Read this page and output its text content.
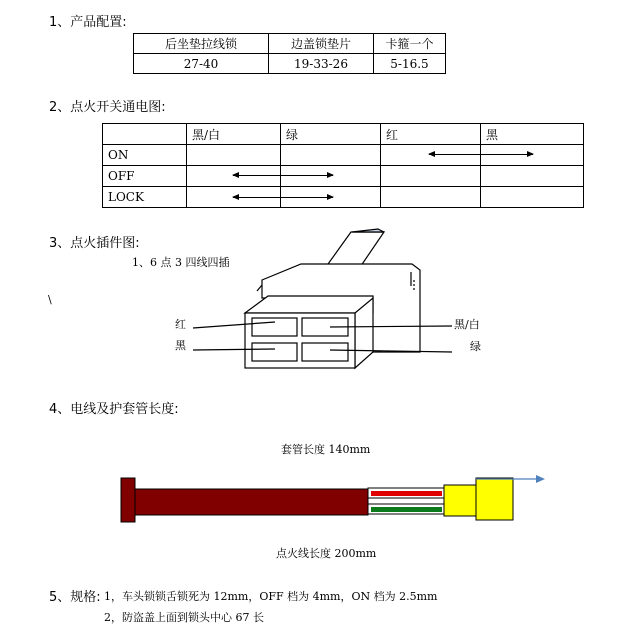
1、产品配置:
后坐垫拉线锁	边盖锁垫片	卡箍一个
27-40	19-33-26	5-16.5
2、点火开关通电图:
	黑/白	绿	红	黑
ON				
OFF				
LOCK				
3、点火插件图:
1、6 点 3 四线四插
\
红
黑
黑/白
绿
4、电线及护套管长度:
套管长度 140mm
点火线长度 200mm
5、规格: 1，车头锁锁舌锁死为 12mm，OFF 档为 4mm，ON 档为 2.5mm
2，防盗盖上面到锁头中心 67 长
